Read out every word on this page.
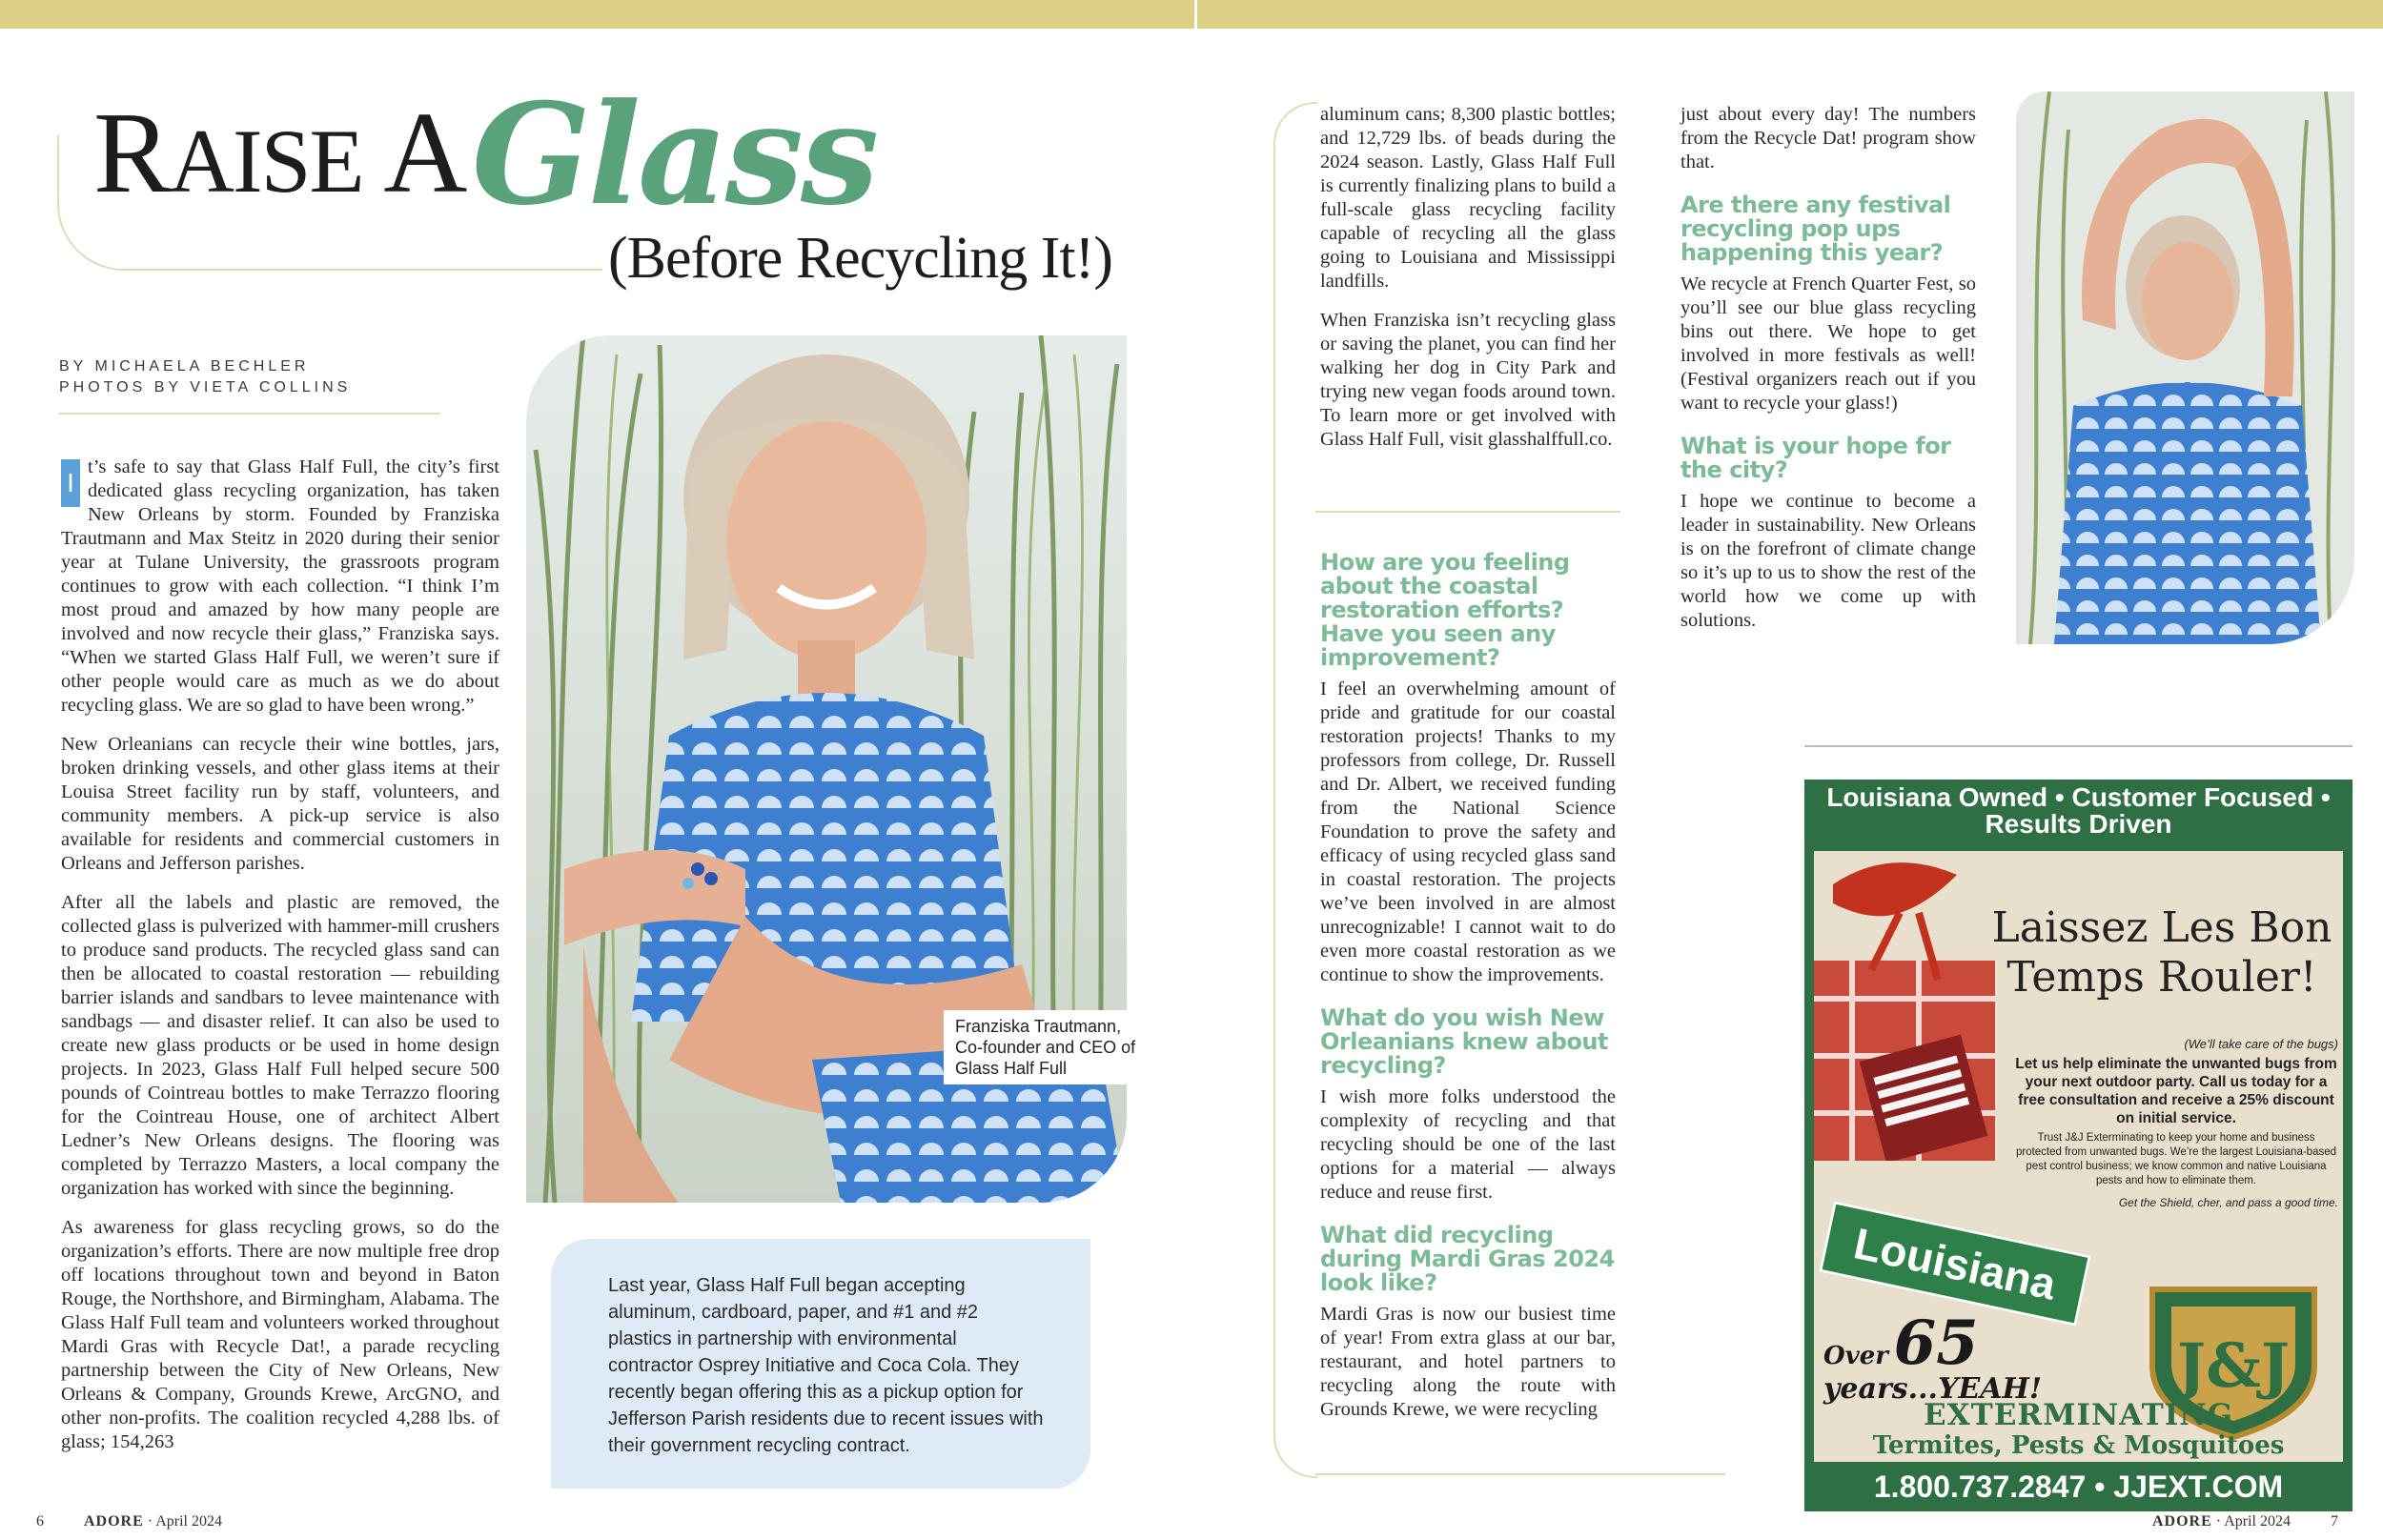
RAISE A Glass
(Before Recycling It!)
BY MICHAELA BECHLER
PHOTOS BY VIETA COLLINS

I
t’s safe to say that Glass Half Full, the city’s first dedicated glass recycling organization, has taken New Orleans by storm. Founded by Franziska Trautmann and Max Steitz in 2020 during their senior year at Tulane University, the grassroots program continues to grow with each collection. “I think I’m most proud and amazed by how many people are involved and now recycle their glass,” Franziska says. “When we started Glass Half Full, we weren’t sure if other people would care as much as we do about recycling glass. We are so glad to have been wrong.”

New Orleanians can recycle their wine bottles, jars, broken drinking vessels, and other glass items at their Louisa Street facility run by staff, volunteers, and community members. A pick-up service is also available for residents and commercial customers in Orleans and Jefferson parishes.

After all the labels and plastic are removed, the collected glass is pulverized with hammer-mill crushers to produce sand products. The recycled glass sand can then be allocated to coastal restoration — rebuilding barrier islands and sandbars to levee maintenance with sandbags — and disaster relief. It can also be used to create new glass products or be used in home design projects. In 2023, Glass Half Full helped secure 500 pounds of Cointreau bottles to make Terrazzo flooring for the Cointreau House, one of architect Albert Ledner’s New Orleans designs. The flooring was completed by Terrazzo Masters, a local company the organization has worked with since the beginning.

As awareness for glass recycling grows, so do the organization’s efforts. There are now multiple free drop off locations throughout town and beyond in Baton Rouge, the Northshore, and Birmingham, Alabama. The Glass Half Full team and volunteers worked throughout Mardi Gras with Recycle Dat!, a parade recycling partnership between the City of New Orleans, New Orleans & Company, Grounds Krewe, ArcGNO, and other non-profits. The coalition recycled 4,288 lbs. of glass; 154,263

Franziska Trautmann, Co-founder and CEO of Glass Half Full
Last year, Glass Half Full began accepting aluminum, cardboard, paper, and #1 and #2 plastics in partnership with environmental contractor Osprey Initiative and Coca Cola. They recently began offering this as a pickup option for Jefferson Parish residents due to recent issues with their government recycling contract.

aluminum cans; 8,300 plastic bottles; and 12,729 lbs. of beads during the 2024 season. Lastly, Glass Half Full is currently finalizing plans to build a full-scale glass recycling facility capable of recycling all the glass going to Louisiana and Mississippi landfills.

When Franziska isn’t recycling glass or saving the planet, you can find her walking her dog in City Park and trying new vegan foods around town. To learn more or get involved with Glass Half Full, visit glasshalffull.co.

How are you feeling about the coastal restoration efforts? Have you seen any improvement?

I feel an overwhelming amount of pride and gratitude for our coastal restoration projects! Thanks to my professors from college, Dr. Russell and Dr. Albert, we received funding from the National Science Foundation to prove the safety and efficacy of using recycled glass sand in coastal restoration. The projects we’ve been involved in are almost unrecognizable! I cannot wait to do even more coastal restoration as we continue to show the improvements.

What do you wish New Orleanians knew about recycling?

I wish more folks understood the complexity of recycling and that recycling should be one of the last options for a material — always reduce and reuse first.

What did recycling during Mardi Gras 2024 look like?

Mardi Gras is now our busiest time of year! From extra glass at our bar, restaurant, and hotel partners to recycling along the route with Grounds Krewe, we were recycling

just about every day! The numbers from the Recycle Dat! program show that.

Are there any festival recycling pop ups happening this year?

We recycle at French Quarter Fest, so you’ll see our blue glass recycling bins out there. We hope to get involved in more festivals as well! (Festival organizers reach out if you want to recycle your glass!)

What is your hope for the city?

I hope we continue to become a leader in sustainability. New Orleans is on the forefront of climate change so it’s up to us to show the rest of the world how we come up with solutions.

Louisiana Owned • Customer Focused • Results Driven
Laissez Les Bon Temps Rouler!
(We’ll take care of the bugs)
Let us help eliminate the unwanted bugs from your next outdoor party. Call us today for a free consultation and receive a 25% discount on initial service.
Trust J&J Exterminating to keep your home and business protected from unwanted bugs. We’re the largest Louisiana-based pest control business; we know common and native Louisiana pests and how to eliminate them.
Get the Shield, cher, and pass a good time.
Louisiana
Over 65 years...YEAH!	J&J
EXTERMINATING
Termites, Pests & Mosquitoes
1.800.737.2847 • JJEXT.COM
6	ADORE · April 2024	ADORE · April 2024	7
